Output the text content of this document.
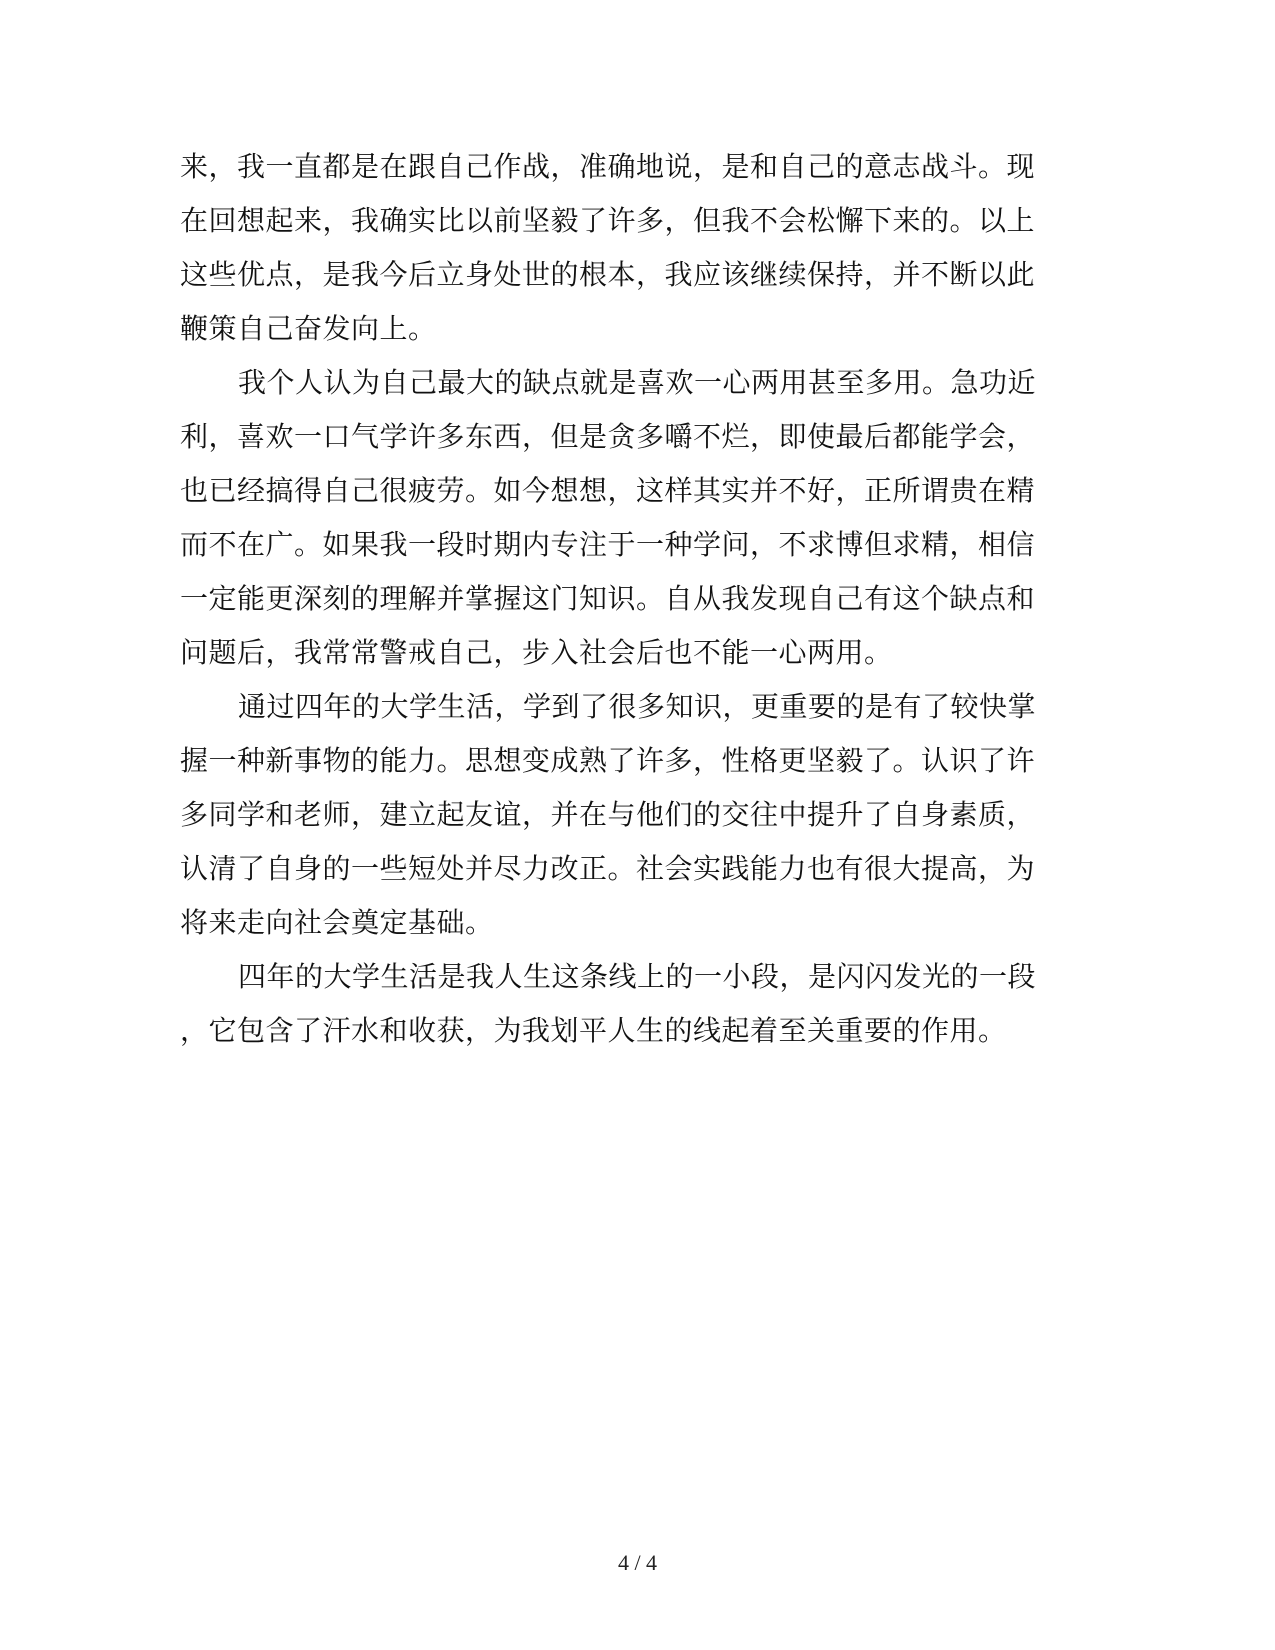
来，我一直都是在跟自己作战，准确地说，是和自己的意志战斗。现
在回想起来，我确实比以前坚毅了许多，但我不会松懈下来的。以上
这些优点，是我今后立身处世的根本，我应该继续保持，并不断以此
鞭策自己奋发向上。
我个人认为自己最大的缺点就是喜欢一心两用甚至多用。急功近
利，喜欢一口气学许多东西，但是贪多嚼不烂，即使最后都能学会，
也已经搞得自己很疲劳。如今想想，这样其实并不好，正所谓贵在精
而不在广。如果我一段时期内专注于一种学问，不求博但求精，相信
一定能更深刻的理解并掌握这门知识。自从我发现自己有这个缺点和
问题后，我常常警戒自己，步入社会后也不能一心两用。
通过四年的大学生活，学到了很多知识，更重要的是有了较快掌
握一种新事物的能力。思想变成熟了许多，性格更坚毅了。认识了许
多同学和老师，建立起友谊，并在与他们的交往中提升了自身素质，
认清了自身的一些短处并尽力改正。社会实践能力也有很大提高，为
将来走向社会奠定基础。
四年的大学生活是我人生这条线上的一小段，是闪闪发光的一段
，它包含了汗水和收获，为我划平人生的线起着至关重要的作用。
4 / 4
